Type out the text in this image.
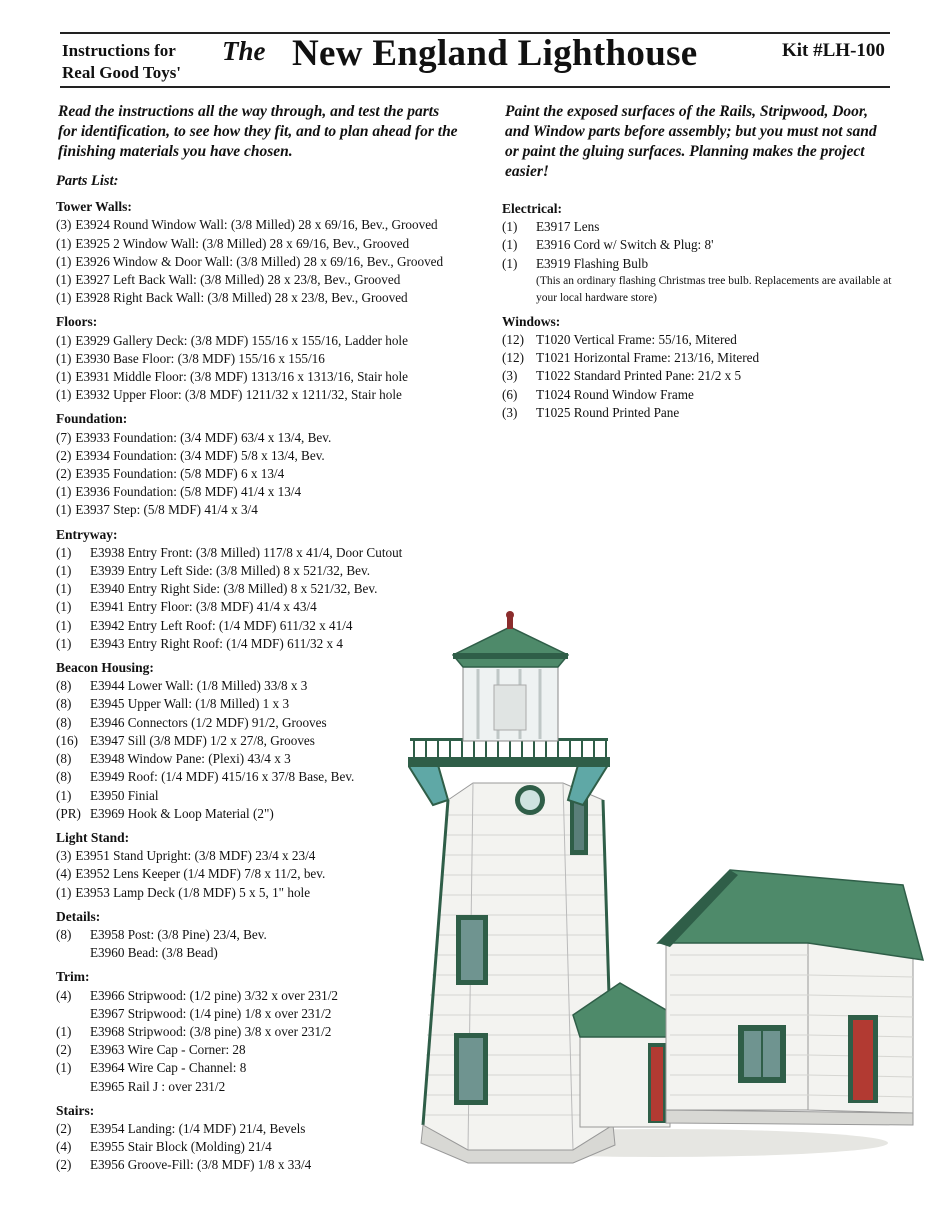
Instructions for
Real Good Toys'
The New England Lighthouse	Kit #LH-100
Read the instructions all the way through, and test the parts for identification, to see how they fit, and to plan ahead for the finishing materials you have chosen.
Paint the exposed surfaces of the Rails, Stripwood, Door, and Window parts before assembly; but you must not sand or paint the gluing surfaces. Planning makes the project easier!
Parts List:
Tower Walls:
(3) E3924 Round Window Wall: (3/8 Milled) 28 x 69/16, Bev., Grooved
(1) E3925 2 Window Wall: (3/8 Milled) 28 x 69/16, Bev., Grooved
(1) E3926 Window & Door Wall: (3/8 Milled) 28 x 69/16, Bev., Grooved
(1) E3927 Left Back Wall: (3/8 Milled) 28 x 23/8, Bev., Grooved
(1) E3928 Right Back Wall: (3/8 Milled) 28 x 23/8, Bev., Grooved
Floors:
(1) E3929 Gallery Deck: (3/8 MDF) 155/16 x 155/16, Ladder hole
(1) E3930 Base Floor: (3/8 MDF) 155/16 x 155/16
(1) E3931 Middle Floor: (3/8 MDF) 1313/16 x 1313/16, Stair hole
(1) E3932 Upper Floor: (3/8 MDF) 1211/32 x 1211/32, Stair hole
Foundation:
(7) E3933 Foundation: (3/4 MDF) 63/4 x 13/4, Bev.
(2) E3934 Foundation: (3/4 MDF) 5/8 x 13/4, Bev.
(2) E3935 Foundation: (5/8 MDF) 6 x 13/4
(1) E3936 Foundation: (5/8 MDF) 41/4 x 13/4
(1) E3937 Step: (5/8 MDF) 41/4 x 3/4
Entryway:
(1)	E3938 Entry Front: (3/8 Milled) 117/8 x 41/4, Door Cutout
(1)	E3939 Entry Left Side: (3/8 Milled) 8 x 521/32, Bev.
(1)	E3940 Entry Right Side: (3/8 Milled) 8 x 521/32, Bev.
(1)	E3941 Entry Floor: (3/8 MDF) 41/4 x 43/4
(1)	E3942 Entry Left Roof: (1/4 MDF) 611/32 x 41/4
(1)	E3943 Entry Right Roof: (1/4 MDF) 611/32 x 4
Beacon Housing:
(8)	E3944 Lower Wall: (1/8 Milled) 33/8 x 3
(8)	E3945 Upper Wall: (1/8 Milled) 1 x 3
(8)	E3946 Connectors (1/2 MDF) 91/2, Grooves
(16) E3947 Sill (3/8 MDF) 1/2 x 27/8, Grooves
(8)	E3948 Window Pane: (Plexi) 43/4 x 3
(8)	E3949 Roof: (1/4 MDF) 415/16 x 37/8 Base, Bev.
(1)	E3950 Finial
(PR) E3969 Hook & Loop Material (2")
Light Stand:
(3) E3951 Stand Upright: (3/8 MDF) 23/4 x 23/4
(4) E3952 Lens Keeper (1/4 MDF) 7/8 x 11/2, bev.
(1) E3953 Lamp Deck (1/8 MDF) 5 x 5, 1" hole
Details:
(8)	E3958 Post: (3/8 Pine) 23/4, Bev.
E3960 Bead: (3/8 Bead)
Trim:
(4)	E3966 Stripwood: (1/2 pine) 3/32 x over 231/2
E3967 Stripwood: (1/4 pine) 1/8 x over 231/2
(1)	E3968 Stripwood: (3/8 pine) 3/8 x over 231/2
(2)	E3963 Wire Cap - Corner: 28
(1)	E3964 Wire Cap - Channel: 8
E3965 Rail J : over 231/2
Stairs:
(2)	E3954 Landing: (1/4 MDF) 21/4, Bevels
(4)	E3955 Stair Block (Molding) 21/4
(2)	E3956 Groove-Fill: (3/8 MDF) 1/8 x 33/4
Electrical:
(1)	E3917 Lens
(1)	E3916 Cord w/ Switch & Plug: 8'
(1)	E3919 Flashing Bulb
(This an ordinary flashing Christmas tree bulb. Replacements are available at your local hardware store)
Windows:
(12) T1020 Vertical Frame: 55/16, Mitered
(12) T1021 Horizontal Frame: 213/16, Mitered
(3)	T1022 Standard Printed Pane: 21/2 x 5
(6)	T1024 Round Window Frame
(3)	T1025 Round Printed Pane
